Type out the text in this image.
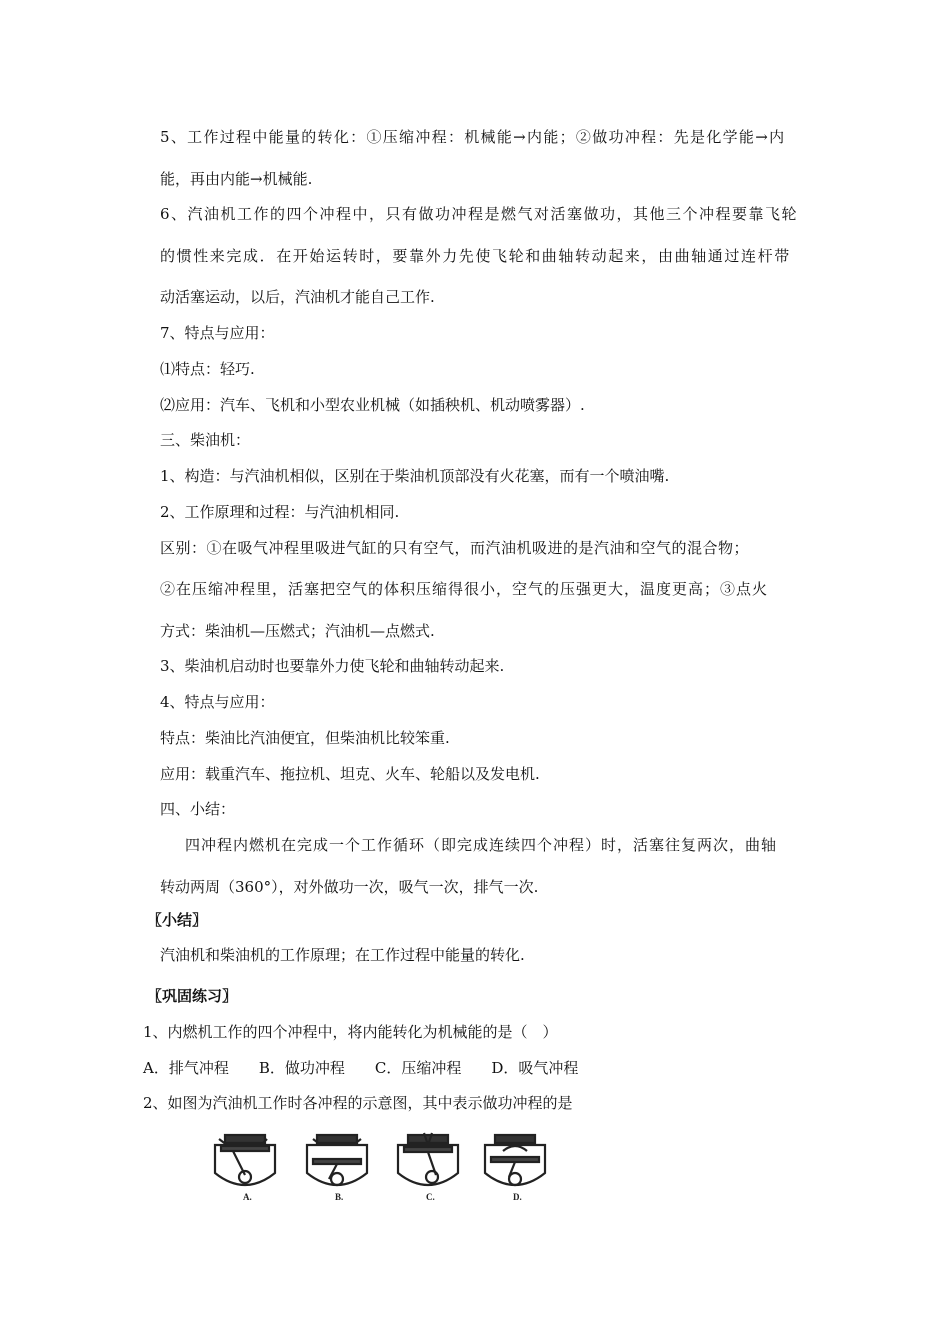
5、工作过程中能量的转化：①压缩冲程：机械能→内能；②做功冲程：先是化学能→内
能，再由内能→机械能.
6、汽油机工作的四个冲程中，只有做功冲程是燃气对活塞做功，其他三个冲程要靠飞轮
的惯性来完成．在开始运转时，要靠外力先使飞轮和曲轴转动起来，由曲轴通过连杆带
动活塞运动，以后，汽油机才能自己工作.
7、特点与应用：
⑴特点：轻巧.
⑵应用：汽车、飞机和小型农业机械（如插秧机、机动喷雾器）.
三、柴油机：
1、构造：与汽油机相似，区别在于柴油机顶部没有火花塞，而有一个喷油嘴.
2、工作原理和过程：与汽油机相同.
区别：①在吸气冲程里吸进气缸的只有空气，而汽油机吸进的是汽油和空气的混合物；
②在压缩冲程里，活塞把空气的体积压缩得很小，空气的压强更大，温度更高；③点火
方式：柴油机—压燃式；汽油机—点燃式.
3、柴油机启动时也要靠外力使飞轮和曲轴转动起来.
4、特点与应用：
特点：柴油比汽油便宜，但柴油机比较笨重.
应用：载重汽车、拖拉机、坦克、火车、轮船以及发电机.
四、小结：
四冲程内燃机在完成一个工作循环（即完成连续四个冲程）时，活塞往复两次，曲轴
转动两周（360°），对外做功一次，吸气一次，排气一次.
〖小结〗
汽油机和柴油机的工作原理；在工作过程中能量的转化.
〖巩固练习〗
1、内燃机工作的四个冲程中，将内能转化为机械能的是（　）
A．排气冲程　　B．做功冲程　　C．压缩冲程　　D．吸气冲程
2、如图为汽油机工作时各冲程的示意图，其中表示做功冲程的是
A.	B.	C.	D.
